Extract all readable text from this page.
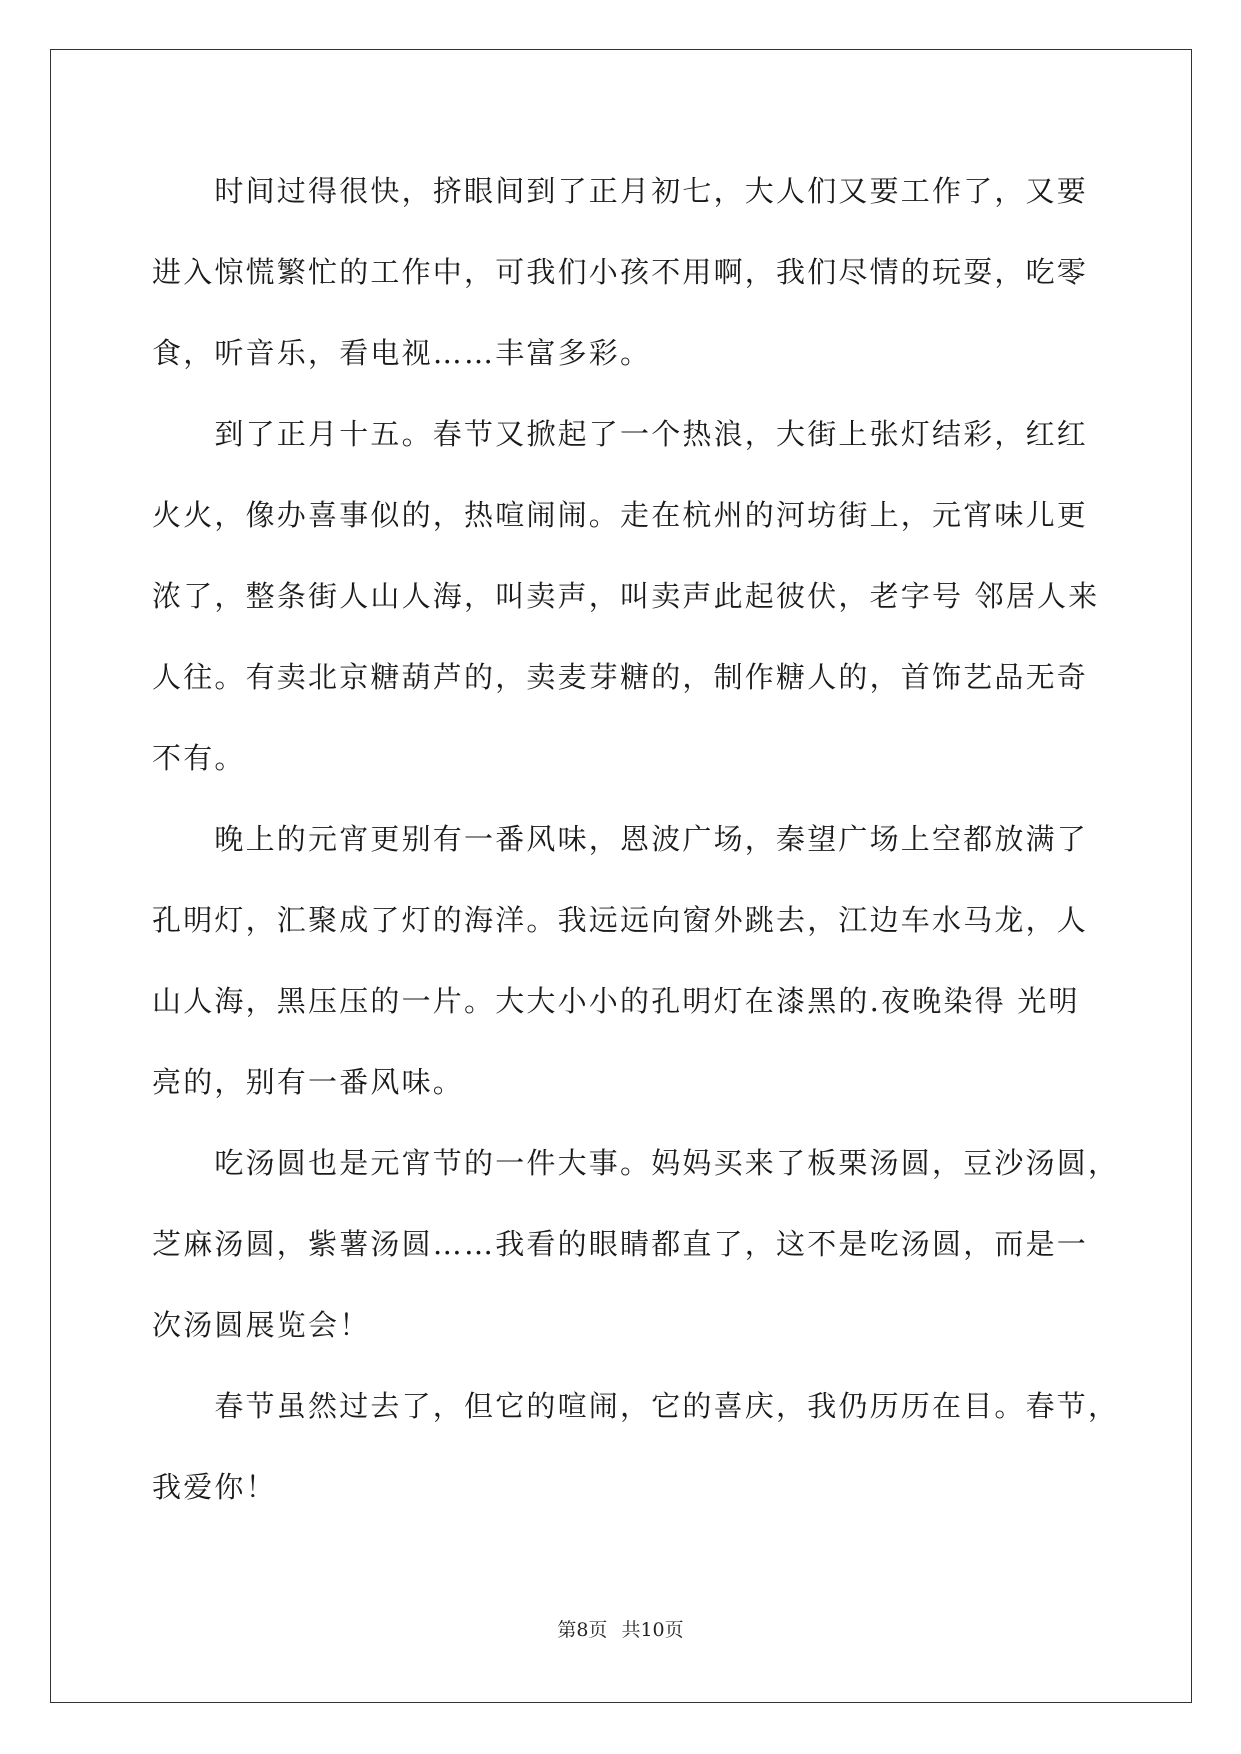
　　时间过得很快，挤眼间到了正月初七，大人们又要工作了，又要
进入惊慌繁忙的工作中，可我们小孩不用啊，我们尽情的玩耍，吃零
食，听音乐，看电视……丰富多彩。
　　到了正月十五。春节又掀起了一个热浪，大街上张灯结彩，红红
火火，像办喜事似的，热喧闹闹。走在杭州的河坊街上，元宵味儿更
浓了，整条街人山人海，叫卖声，叫卖声此起彼伏，老字号 邻居人来
人往。有卖北京糖葫芦的，卖麦芽糖的，制作糖人的，首饰艺品无奇
不有。
　　晚上的元宵更别有一番风味，恩波广场，秦望广场上空都放满了
孔明灯，汇聚成了灯的海洋。我远远向窗外跳去，江边车水马龙，人
山人海，黑压压的一片。大大小小的孔明灯在漆黑的.夜晚染得 光明
亮的，别有一番风味。
　　吃汤圆也是元宵节的一件大事。妈妈买来了板栗汤圆，豆沙汤圆，
芝麻汤圆，紫薯汤圆……我看的眼睛都直了，这不是吃汤圆，而是一
次汤圆展览会！
　　春节虽然过去了，但它的喧闹，它的喜庆，我仍历历在目。春节，
我爱你！
第8页 共10页
